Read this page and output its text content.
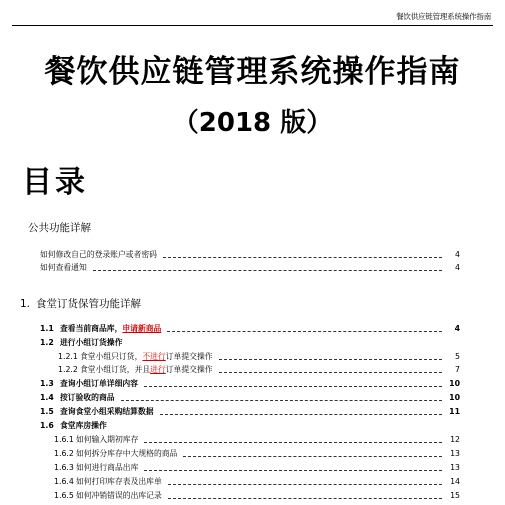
餐饮供应链管理系统操作指南
餐饮供应链管理系统操作指南
（2018 版）
目录
公共功能详解
如何修改自己的登录账户或者密码	4
如何查看通知	4
1. 食堂订货保管功能详解
1.1 查看当前商品库，申请新商品	4
1.2 进行小组订货操作
1.2.1 食堂小组只订货，不进行订单提交操作	5
1.2.2 食堂小组订货，并且进行订单提交操作	7
1.3 查询小组订单详细内容	10
1.4 按订验收的商品	10
1.5 查询食堂小组采购结算数据	11
1.6 食堂库房操作
1.6.1 如何输入期初库存	12
1.6.2 如何拆分库存中大规格的商品	13
1.6.3 如何进行商品出库	13
1.6.4 如何打印库存表及出库单	14
1.6.5 如何冲销错误的出库记录	15
